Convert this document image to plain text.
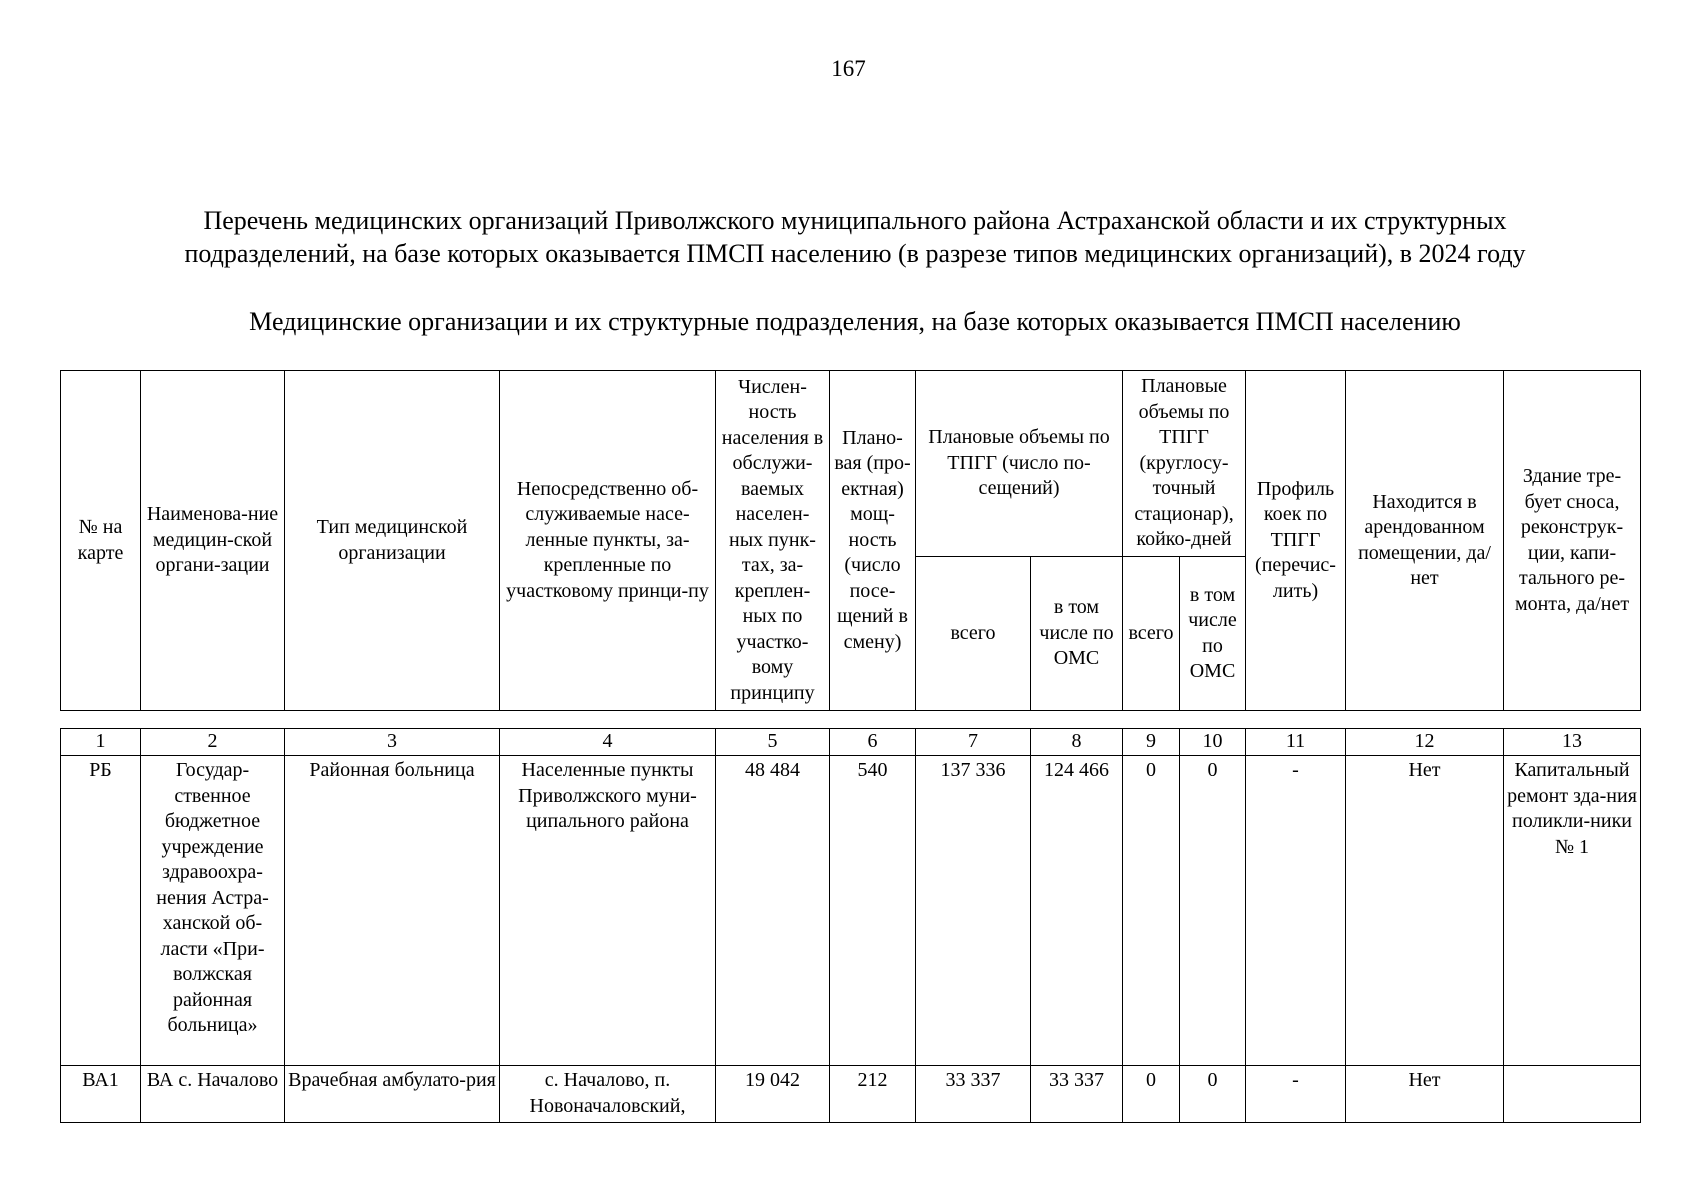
167
Перечень медицинских организаций Приволжского муниципального района Астраханской области и их структурных
подразделений, на базе которых оказывается ПМСП населению (в разрезе типов медицинских организаций), в 2024 году
Медицинские организации и их структурные подразделения, на базе которых оказывается ПМСП населению
№ на карте	Наименова-ние медицин-ской органи-зации	Тип медицинской организации	Непосредственно об-служиваемые насе-ленные пункты, за-крепленные по участковому принци-пу	Числен-ность населения в обслужи-ваемых населен-ных пунк-тах, за-креплен-ных по участко-вому принципу	Плано-вая (про-ектная) мощ-ность (число посе-щений в смену)	Плановые объемы по ТПГГ (число по-сещений)		Плановые объемы по ТПГГ (круглосу-точный стационар), койко-дней		Профиль коек по ТПГГ (перечис-лить)	Находится в арендованном помещении, да/нет	Здание тре-бует сноса, реконструк-ции, капи-тального ре-монта, да/нет
						всего	в том числе по ОМС	всего	в том числе по ОМС			
1	2	3	4	5	6	7	8	9	10	11	12	13
РБ	Государ-ственное бюджетное учреждение здравоохра-нения Астра-ханской об-ласти «При-волжская районная больница»	Районная больница	Населенные пункты Приволжского муни-ципального района	48 484	540	137 336	124 466	0	0	-	Нет	Капитальный ремонт зда-ния поликли-ники № 1
ВА1	ВА с. Началово	Врачебная амбулато-рия	с. Началово, п. Новоначаловский,	19 042	212	33 337	33 337	0	0	-	Нет	
